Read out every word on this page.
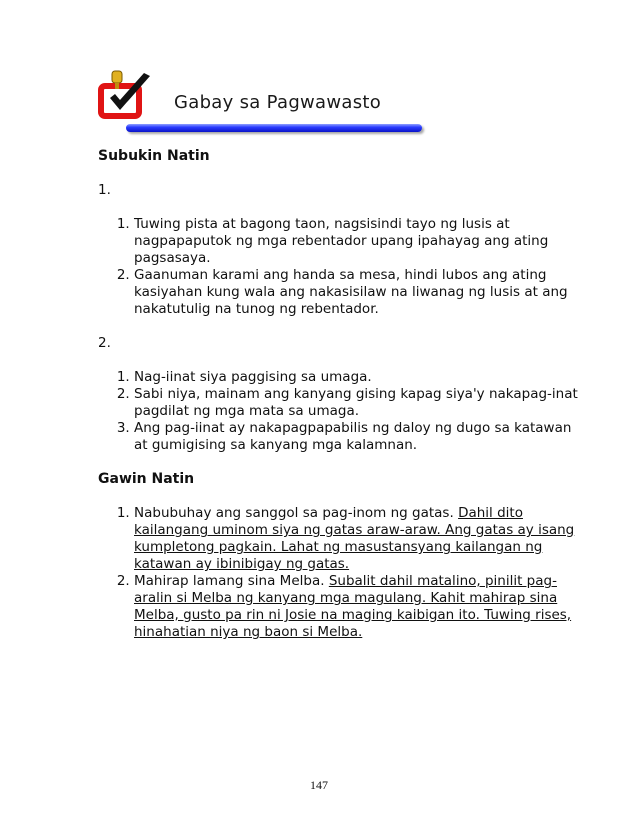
Gabay sa Pagwawasto
Subukin Natin
1.
1. Tuwing pista at bagong taon, nagsisindi tayo ng lusis at nagpapaputok ng mga rebentador upang ipahayag ang ating pagsasaya.
2. Gaanuman karami ang handa sa mesa, hindi lubos ang ating kasiyahan kung wala ang nakasisilaw na liwanag ng lusis at ang nakatutulig na tunog ng rebentador.
2.
1. Nag-iinat siya paggising sa umaga.
2. Sabi niya, mainam ang kanyang gising kapag siya'y nakapag-inat pagdilat ng mga mata sa umaga.
3. Ang pag-iinat ay nakapagpapabilis ng daloy ng dugo sa katawan at gumigising sa kanyang mga kalamnan.
Gawin Natin
1. Nabubuhay ang sanggol sa pag-inom ng gatas. Dahil dito kailangang uminom siya ng gatas araw-araw. Ang gatas ay isang kumpletong pagkain. Lahat ng masustansyang kailangan ng katawan ay ibinibigay ng gatas.
2. Mahirap lamang sina Melba. Subalit dahil matalino, pinilit pag-aralin si Melba ng kanyang mga magulang. Kahit mahirap sina Melba, gusto pa rin ni Josie na maging kaibigan ito. Tuwing rises, hinahatian niya ng baon si Melba.
147
